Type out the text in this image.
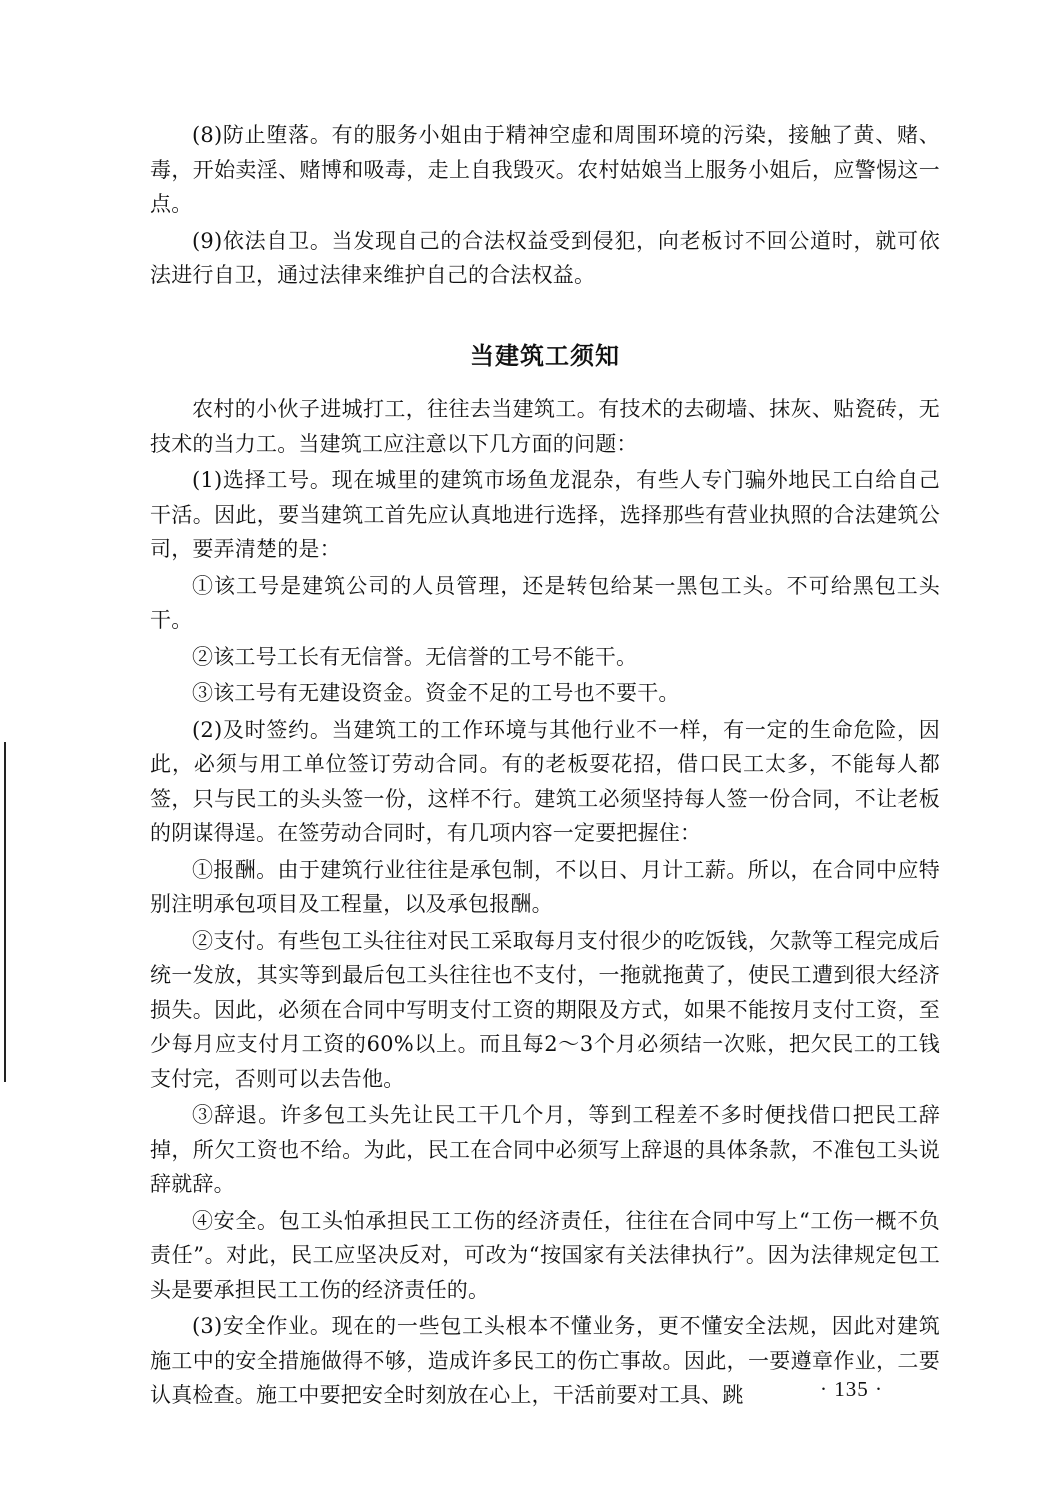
(8)防止堕落。有的服务小姐由于精神空虚和周围环境的污染，接触了黄、赌、毒，开始卖淫、赌博和吸毒，走上自我毁灭。农村姑娘当上服务小姐后，应警惕这一点。

(9)依法自卫。当发现自己的合法权益受到侵犯，向老板讨不回公道时，就可依法进行自卫，通过法律来维护自己的合法权益。

当建筑工须知

农村的小伙子进城打工，往往去当建筑工。有技术的去砌墙、抹灰、贴瓷砖，无技术的当力工。当建筑工应注意以下几方面的问题：

(1)选择工号。现在城里的建筑市场鱼龙混杂，有些人专门骗外地民工白给自己干活。因此，要当建筑工首先应认真地进行选择，选择那些有营业执照的合法建筑公司，要弄清楚的是：

①该工号是建筑公司的人员管理，还是转包给某一黑包工头。不可给黑包工头干。

②该工号工长有无信誉。无信誉的工号不能干。

③该工号有无建设资金。资金不足的工号也不要干。

(2)及时签约。当建筑工的工作环境与其他行业不一样，有一定的生命危险，因此，必须与用工单位签订劳动合同。有的老板耍花招，借口民工太多，不能每人都签，只与民工的头头签一份，这样不行。建筑工必须坚持每人签一份合同，不让老板的阴谋得逞。在签劳动合同时，有几项内容一定要把握住：

①报酬。由于建筑行业往往是承包制，不以日、月计工薪。所以，在合同中应特别注明承包项目及工程量，以及承包报酬。

②支付。有些包工头往往对民工采取每月支付很少的吃饭钱，欠款等工程完成后统一发放，其实等到最后包工头往往也不支付，一拖就拖黄了，使民工遭到很大经济损失。因此，必须在合同中写明支付工资的期限及方式，如果不能按月支付工资，至少每月应支付月工资的60%以上。而且每2～3个月必须结一次账，把欠民工的工钱支付完，否则可以去告他。

③辞退。许多包工头先让民工干几个月，等到工程差不多时便找借口把民工辞掉，所欠工资也不给。为此，民工在合同中必须写上辞退的具体条款，不准包工头说辞就辞。

④安全。包工头怕承担民工工伤的经济责任，往往在合同中写上“工伤一概不负责任”。对此，民工应坚决反对，可改为“按国家有关法律执行”。因为法律规定包工头是要承担民工工伤的经济责任的。

(3)安全作业。现在的一些包工头根本不懂业务，更不懂安全法规，因此对建筑施工中的安全措施做得不够，造成许多民工的伤亡事故。因此，一要遵章作业，二要认真检查。施工中要把安全时刻放在心上，干活前要对工具、跳	· 135 ·
